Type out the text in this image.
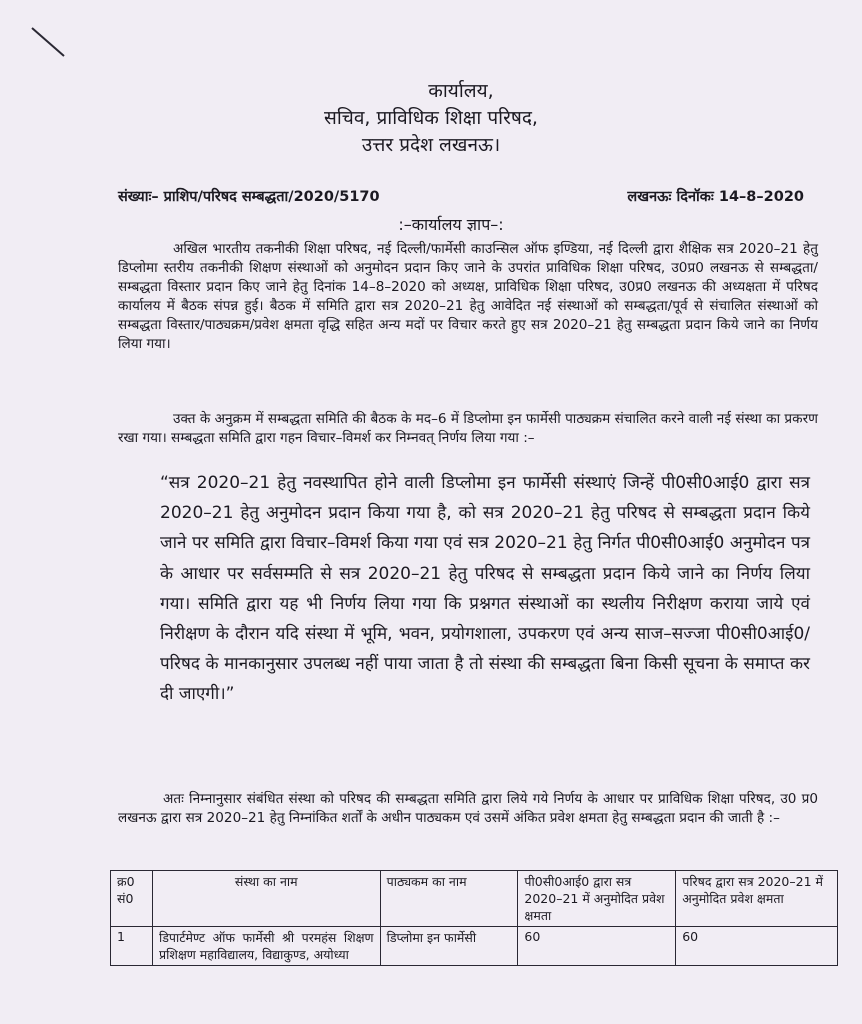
कार्यालय,
सचिव, प्राविधिक शिक्षा परिषद,
उत्तर प्रदेश लखनऊ।
संख्याः– प्राशिप/परिषद सम्बद्धता/2020/5170	लखनऊः दिनॉकः 14–8–2020
:–कार्यालय ज्ञाप–:
अखिल भारतीय तकनीकी शिक्षा परिषद, नई दिल्ली/फार्मेसी काउन्सिल ऑफ इण्डिया, नई दिल्ली द्वारा शैक्षिक सत्र 2020–21 हेतु डिप्लोमा स्तरीय तकनीकी शिक्षण संस्थाओं को अनुमोदन प्रदान किए जाने के उपरांत प्राविधिक शिक्षा परिषद, उ0प्र0 लखनऊ से सम्बद्धता/सम्बद्धता विस्तार प्रदान किए जाने हेतु दिनांक 14–8–2020 को अध्यक्ष, प्राविधिक शिक्षा परिषद, उ0प्र0 लखनऊ की अध्यक्षता में परिषद कार्यालय में बैठक संपन्न हुई। बैठक में समिति द्वारा सत्र 2020–21 हेतु आवेदित नई संस्थाओं को सम्बद्धता/पूर्व से संचालित संस्थाओं को सम्बद्धता विस्तार/पाठ्यक्रम/प्रवेश क्षमता वृद्धि सहित अन्य मदों पर विचार करते हुए सत्र 2020–21 हेतु सम्बद्धता प्रदान किये जाने का निर्णय लिया गया।
उक्त के अनुक्रम में सम्बद्धता समिति की बैठक के मद–6 में डिप्लोमा इन फार्मेसी पाठ्यक्रम संचालित करने वाली नई संस्था का प्रकरण रखा गया। सम्बद्धता समिति द्वारा गहन विचार–विमर्श कर निम्नवत् निर्णय लिया गया :–
“सत्र 2020–21 हेतु नवस्थापित होने वाली डिप्लोमा इन फार्मेसी संस्थाएं जिन्हें पी0सी0आई0 द्वारा सत्र 2020–21 हेतु अनुमोदन प्रदान किया गया है, को सत्र 2020–21 हेतु परिषद से सम्बद्धता प्रदान किये जाने पर समिति द्वारा विचार–विमर्श किया गया एवं सत्र 2020–21 हेतु निर्गत पी0सी0आई0 अनुमोदन पत्र के आधार पर सर्वसम्मति से सत्र 2020–21 हेतु परिषद से सम्बद्धता प्रदान किये जाने का निर्णय लिया गया। समिति द्वारा यह भी निर्णय लिया गया कि प्रश्नगत संस्थाओं का स्थलीय निरीक्षण कराया जाये एवं निरीक्षण के दौरान यदि संस्था में भूमि, भवन, प्रयोगशाला, उपकरण एवं अन्य साज–सज्जा पी0सी0आई0/परिषद के मानकानुसार उपलब्ध नहीं पाया जाता है तो संस्था की सम्बद्धता बिना किसी सूचना के समाप्त कर दी जाएगी।”
अतः निम्नानुसार संबंधित संस्था को परिषद की सम्बद्धता समिति द्वारा लिये गये निर्णय के आधार पर प्राविधिक शिक्षा परिषद, उ0 प्र0 लखनऊ द्वारा सत्र 2020–21 हेतु निम्नांकित शर्तों के अधीन पाठ्यकम एवं उसमें अंकित प्रवेश क्षमता हेतु सम्बद्धता प्रदान की जाती है :–
क्र0 सं0	संस्था का नाम	पाठ्यकम का नाम	पी0सी0आई0 द्वारा सत्र 2020–21 में अनुमोदित प्रवेश क्षमता	परिषद द्वारा सत्र 2020–21 में अनुमोदित प्रवेश क्षमता
1	डिपार्टमेण्ट ऑफ फार्मेसी श्री परमहंस शिक्षण प्रशिक्षण महाविद्यालय, विद्याकुण्ड, अयोध्या	डिप्लोमा इन फार्मेसी	60	60
